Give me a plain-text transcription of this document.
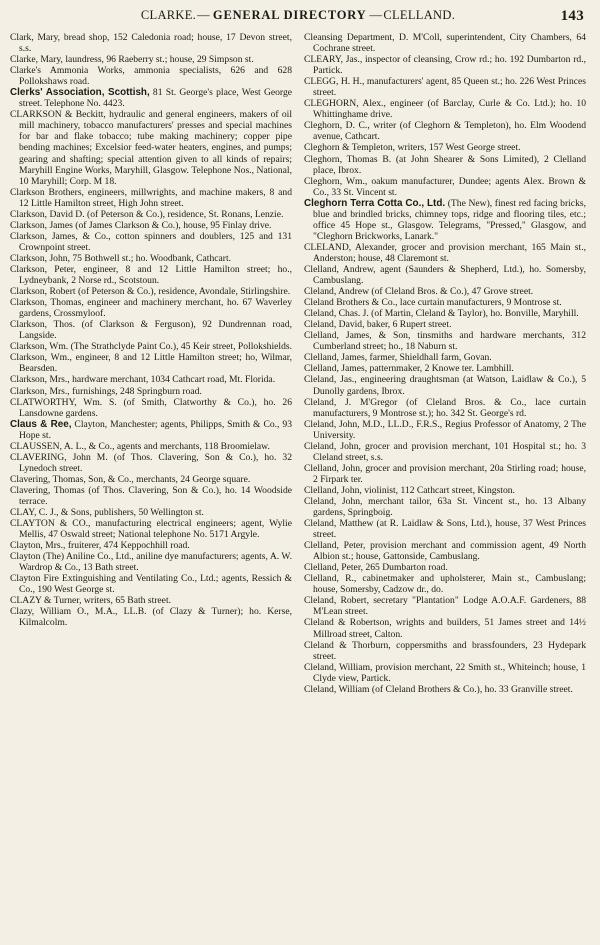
CLARKE. — GENERAL DIRECTORY — CLELLAND.	143

Clark, Mary, bread shop, 152 Caledonia road; house, 17 Devon street, s.s.

Clarke, Mary, laundress, 96 Raeberry st.; house, 29 Simpson st.

Clarke's Ammonia Works, ammonia specialists, 626 and 628 Pollokshaws road.

Clerks' Association, Scottish, 81 St. George's place, West George street. Telephone No. 4423.

CLARKSON & Beckitt, hydraulic and general engineers, makers of oil mill machinery, tobacco manufacturers' presses and special machines for bar and flake tobacco; tube making machinery; copper pipe bending machines; Excelsior feed-water heaters, engines, and pumps; gearing and shafting; special attention given to all kinds of repairs; Maryhill Engine Works, Maryhill, Glasgow. Telephone Nos., National, 10 Maryhill; Corp. M 18.

Clarkson Brothers, engineers, millwrights, and machine makers, 8 and 12 Little Hamilton street, High John street.

Clarkson, David D. (of Peterson & Co.), residence, St. Ronans, Lenzie.

Clarkson, James (of James Clarkson & Co.), house, 95 Finlay drive.

Clarkson, James, & Co., cotton spinners and doublers, 125 and 131 Crownpoint street.

Clarkson, John, 75 Bothwell st.; ho. Woodbank, Cathcart.

Clarkson, Peter, engineer, 8 and 12 Little Hamilton street; ho., Lydneybank, 2 Norse rd., Scotstoun.

Clarkson, Robert (of Peterson & Co.), residence, Avondale, Stirlingshire.

Clarkson, Thomas, engineer and machinery merchant, ho. 67 Waverley gardens, Crossmyloof.

Clarkson, Thos. (of Clarkson & Ferguson), 92 Dundrennan road, Langside.

Clarkson, Wm. (The Strathclyde Paint Co.), 45 Keir street, Pollokshields.

Clarkson, Wm., engineer, 8 and 12 Little Hamilton street; ho, Wilmar, Bearsden.

Clarkson, Mrs., hardware merchant, 1034 Cathcart road, Mt. Florida.

Clarkson, Mrs., furnishings, 248 Springburn road.

CLATWORTHY, Wm. S. (of Smith, Clatworthy & Co.), ho. 26 Lansdowne gardens.

Claus & Ree, Clayton, Manchester; agents, Philipps, Smith & Co., 93 Hope st.

CLAUSSEN, A. L., & Co., agents and merchants, 118 Broomielaw.

CLAVERING, John M. (of Thos. Clavering, Son & Co.), ho. 32 Lynedoch street.

Clavering, Thomas, Son, & Co., merchants, 24 George square.

Clavering, Thomas (of Thos. Clavering, Son & Co.), ho. 14 Woodside terrace.

CLAY, C. J., & Sons, publishers, 50 Wellington st.

CLAYTON & CO., manufacturing electrical engineers; agent, Wylie Mellis, 47 Oswald street; National telephone No. 5171 Argyle.

Clayton, Mrs., fruiterer, 474 Keppochhill road.

Clayton (The) Aniline Co., Ltd., aniline dye manufacturers; agents, A. W. Wardrop & Co., 13 Bath street.

Clayton Fire Extinguishing and Ventilating Co., Ltd.; agents, Ressich & Co., 190 West George st.

CLAZY & Turner, writers, 65 Bath street.

Clazy, William O., M.A., LL.B. (of Clazy & Turner); ho. Kerse, Kilmalcolm.

Cleansing Department, D. M'Coll, superintendent, City Chambers, 64 Cochrane street.

CLEARY, Jas., inspector of cleansing, Crow rd.; ho. 192 Dumbarton rd., Partick.

CLEGG, H. H., manufacturers' agent, 85 Queen st.; ho. 226 West Princes street.

CLEGHORN, Alex., engineer (of Barclay, Curle & Co. Ltd.); ho. 10 Whittinghame drive.

Cleghorn, D. C., writer (of Cleghorn & Templeton), ho. Elm Woodend avenue, Cathcart.

Cleghorn & Templeton, writers, 157 West George street.

Cleghorn, Thomas B. (at John Shearer & Sons Limited), 2 Clelland place, Ibrox.

Cleghorn, Wm., oakum manufacturer, Dundee; agents Alex. Brown & Co., 33 St. Vincent st.

Cleghorn Terra Cotta Co., Ltd. (The New), finest red facing bricks, blue and brindled bricks, chimney tops, ridge and flooring tiles, etc.; office 45 Hope st., Glasgow. Telegrams, "Pressed," Glasgow, and "Cleghorn Brickworks, Lanark."

CLELAND, Alexander, grocer and provision merchant, 165 Main st., Anderston; house, 48 Claremont st.

Clelland, Andrew, agent (Saunders & Shepherd, Ltd.), ho. Somersby, Cambuslang.

Cleland, Andrew (of Cleland Bros. & Co.), 47 Grove street.

Cleland Brothers & Co., lace curtain manufacturers, 9 Montrose st.

Cleland, Chas. J. (of Martin, Cleland & Taylor), ho. Bonville, Maryhill.

Cleland, David, baker, 6 Rupert street.

Clelland, James, & Son, tinsmiths and hardware merchants, 312 Cumberland street; ho., 18 Naburn st.

Clelland, James, farmer, Shieldhall farm, Govan.

Clelland, James, patternmaker, 2 Knowe ter. Lambhill.

Cleland, Jas., engineering draughtsman (at Watson, Laidlaw & Co.), 5 Dunolly gardens, Ibrox.

Cleland, J. M'Gregor (of Cleland Bros. & Co., lace curtain manufacturers, 9 Montrose st.); ho. 342 St. George's rd.

Cleland, John, M.D., LL.D., F.R.S., Regius Professor of Anatomy, 2 The University.

Cleland, John, grocer and provision merchant, 101 Hospital st.; ho. 3 Cleland street, s.s.

Clelland, John, grocer and provision merchant, 20a Stirling road; house, 2 Firpark ter.

Clelland, John, violinist, 112 Cathcart street, Kingston.

Cleland, John, merchant tailor, 63a St. Vincent st., ho. 13 Albany gardens, Springboig.

Cleland, Matthew (at R. Laidlaw & Sons, Ltd.), house, 37 West Princes street.

Clelland, Peter, provision merchant and commission agent, 49 North Albion st.; house, Gattonside, Cambuslang.

Clelland, Peter, 265 Dumbarton road.

Clelland, R., cabinetmaker and upholsterer, Main st., Cambuslang; house, Somersby, Cadzow dr., do.

Cleland, Robert, secretary "Plantation" Lodge A.O.A.F. Gardeners, 88 M'Lean street.

Cleland & Robertson, wrights and builders, 51 James street and 14½ Millroad street, Calton.

Cleland & Thorburn, coppersmiths and brassfounders, 23 Hydepark street.

Cleland, William, provision merchant, 22 Smith st., Whiteinch; house, 1 Clyde view, Partick.

Cleland, William (of Cleland Brothers & Co.), ho. 33 Granville street.
